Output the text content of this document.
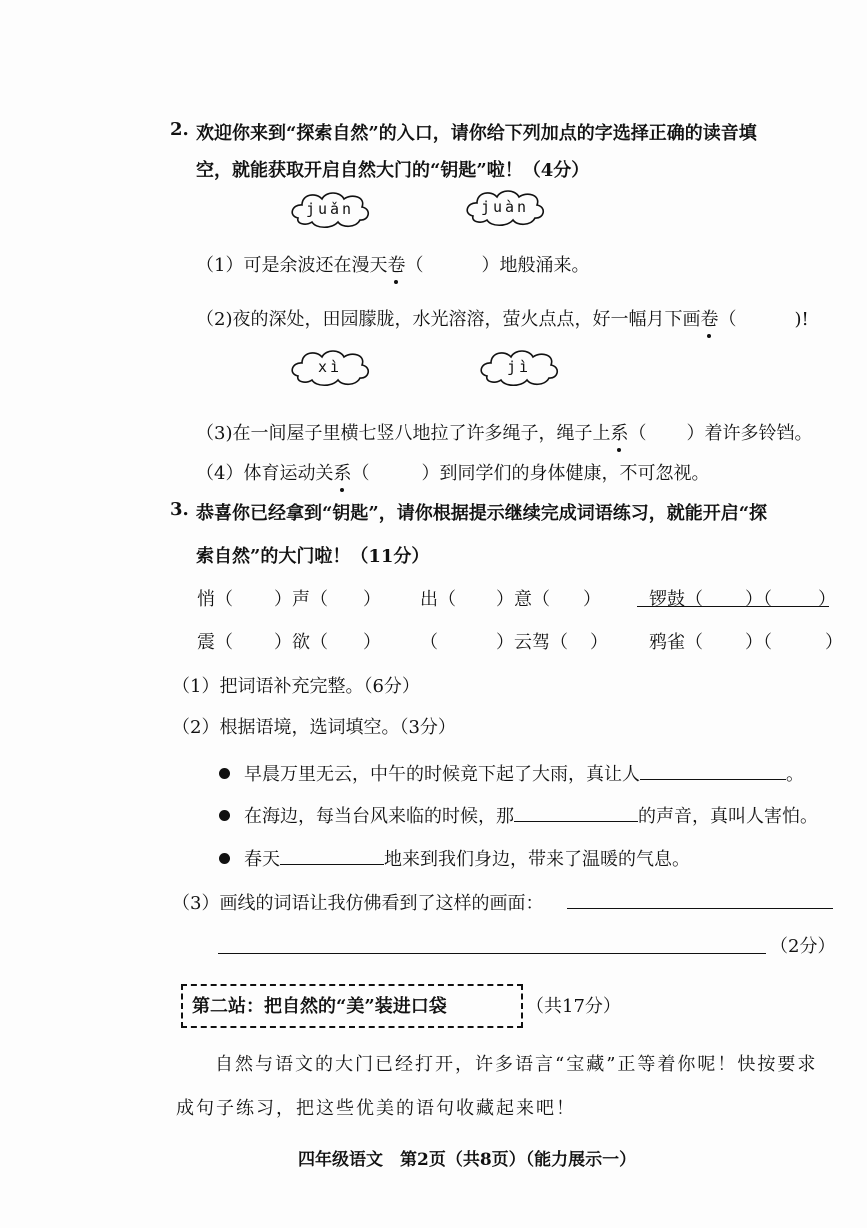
2. 欢迎你来到“探索自然”的入口，请你给下列加点的字选择正确的读音填
空，就能获取开启自然大门的“钥匙”啦！（4分）
juǎn	juàn
（1）可是余波还在漫天卷（	）地般涌来。
（2)夜的深处，田园朦胧，水光溶溶，萤火点点，好一幅月下画卷（	)!
xì	jì
（3)在一间屋子里横七竖八地拉了许多绳子，绳子上系（ ）着许多铃铛。
（4）体育运动关系（	）到同学们的身体健康，不可忽视。
3. 恭喜你已经拿到“钥匙”，请你根据提示继续完成词语练习，就能开启“探
索自然”的大门啦！（11分）
悄（ ）声（ ） 出（ ）意（ ）	锣鼓（ ）（	）
震（ ）欲（ ） （	）云驾（ ） 鸦雀（ ）（	）
（1）把词语补充完整。（6分）
（2）根据语境，选词填空。（3分）
早晨万里无云，中午的时候竟下起了大雨，真让人	。
在海边，每当台风来临的时候，那	的声音，真叫人害怕。
春天	地来到我们身边，带来了温暖的气息。
（3）画线的词语让我仿佛看到了这样的画面：
（2分）
第二站：把自然的“美”装进口袋	（共17分）
自然与语文的大门已经打开，许多语言“宝藏”正等着你呢！快按要求
成句子练习，把这些优美的语句收藏起来吧！
四年级语文　第2页（共8页）（能力展示一）
